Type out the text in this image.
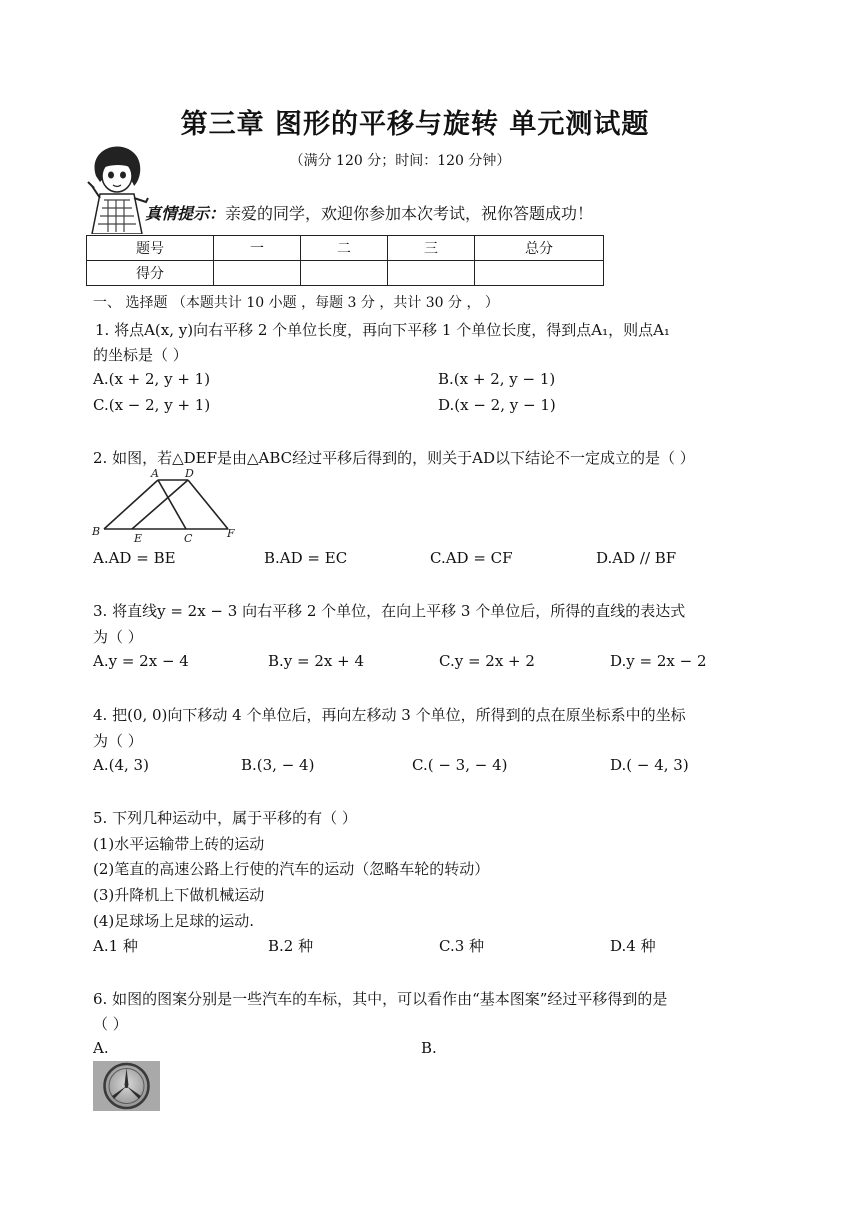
第三章 图形的平移与旋转 单元测试题
（满分 120 分；时间：120 分钟）
真情提示：亲爱的同学，欢迎你参加本次考试，祝你答题成功！
题号	一	二	三	总分
得分				
一、 选择题 （本题共计 10 小题 ，每题 3 分 ，共计 30 分 ， ）
1. 将点A(x, y)向右平移 2 个单位长度，再向下平移 1 个单位长度，得到点A₁，则点A₁
的坐标是（ ）
A.(x + 2, y + 1)	B.(x + 2, y − 1)
C.(x − 2, y + 1)	D.(x − 2, y − 1)
2. 如图，若△DEF是由△ABC经过平移后得到的，则关于AD以下结论不一定成立的是（ ）
A D
B
E	C	F
A.AD = BE	B.AD = EC	C.AD = CF	D.AD // BF
3. 将直线y = 2x − 3 向右平移 2 个单位，在向上平移 3 个单位后，所得的直线的表达式
为（ ）
A.y = 2x − 4	B.y = 2x + 4	C.y = 2x + 2	D.y = 2x − 2
4. 把(0, 0)向下移动 4 个单位后，再向左移动 3 个单位，所得到的点在原坐标系中的坐标
为（ ）
A.(4, 3)	B.(3, − 4)	C.( − 3, − 4)	D.( − 4, 3)
5. 下列几种运动中，属于平移的有（ ）
(1)水平运输带上砖的运动
(2)笔直的高速公路上行使的汽车的运动（忽略车轮的转动）
(3)升降机上下做机械运动
(4)足球场上足球的运动.
A.1 种	B.2 种	C.3 种	D.4 种
6. 如图的图案分别是一些汽车的车标，其中，可以看作由“基本图案”经过平移得到的是
（ ）
A.	B.
